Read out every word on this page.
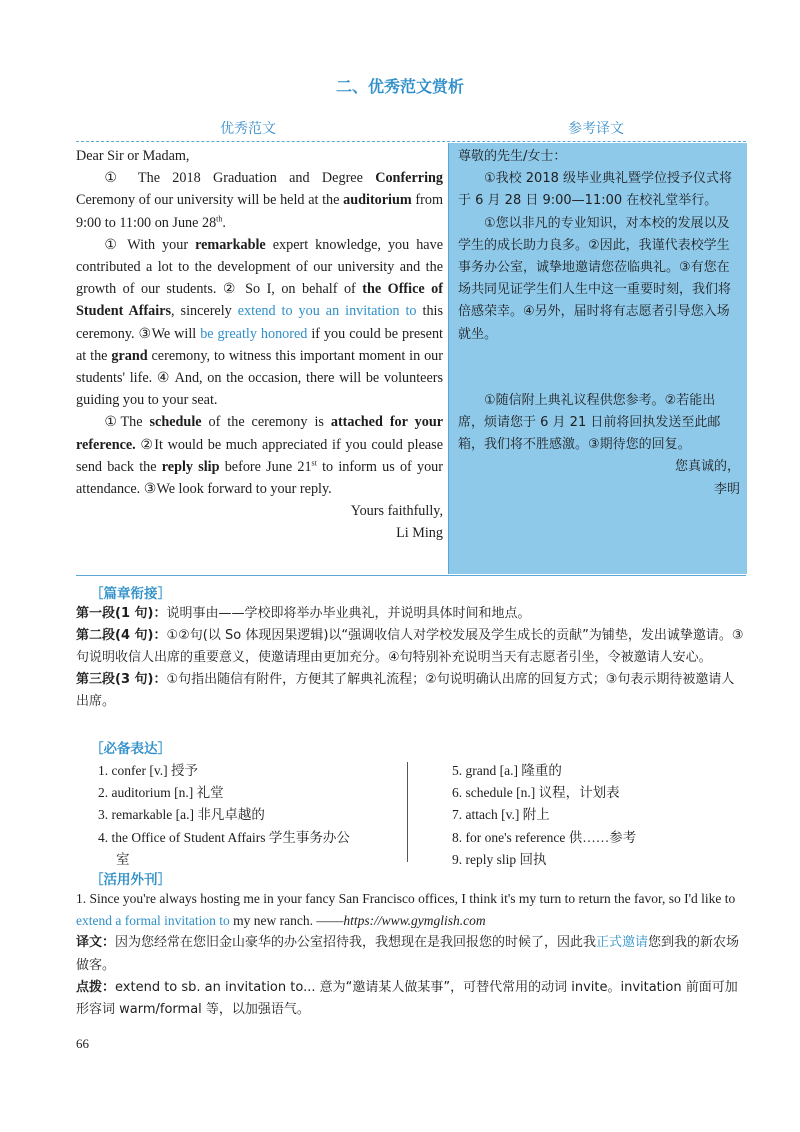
二、优秀范文赏析
优秀范文	参考译文

Dear Sir or Madam,

① The 2018 Graduation and Degree Conferring Ceremony of our university will be held at the auditorium from 9:00 to 11:00 on June 28th.

① With your remarkable expert knowledge, you have contributed a lot to the development of our university and the growth of our students. ② So I, on behalf of the Office of Student Affairs, sincerely extend to you an invitation to this ceremony. ③We will be greatly honored if you could be present at the grand ceremony, to witness this important moment in our students' life. ④ And, on the occasion, there will be volunteers guiding you to your seat.

①The schedule of the ceremony is attached for your reference. ②It would be much appreciated if you could please send back the reply slip before June 21st to inform us of your attendance. ③We look forward to your reply.

Yours faithfully,

Li Ming

尊敬的先生/女士：

①我校 2018 级毕业典礼暨学位授予仪式将于 6 月 28 日 9:00—11:00 在校礼堂举行。

①您以非凡的专业知识，对本校的发展以及学生的成长助力良多。②因此，我谨代表校学生事务办公室，诚挚地邀请您莅临典礼。③有您在场共同见证学生们人生中这一重要时刻，我们将倍感荣幸。④另外，届时将有志愿者引导您入场就坐。

①随信附上典礼议程供您参考。②若能出席，烦请您于 6 月 21 日前将回执发送至此邮箱，我们将不胜感激。③期待您的回复。

您真诚的，

李明

［篇章衔接］

第一段(1 句)：说明事由——学校即将举办毕业典礼，并说明具体时间和地点。

第二段(4 句)：①②句(以 So 体现因果逻辑)以“强调收信人对学校发展及学生成长的贡献”为铺垫，发出诚挚邀请。③句说明收信人出席的重要意义，使邀请理由更加充分。④句特别补充说明当天有志愿者引坐，令被邀请人安心。

第三段(3 句)：①句指出随信有附件，方便其了解典礼流程；②句说明确认出席的回复方式；③句表示期待被邀请人出席。

［必备表达］
1. confer [v.] 授予
2. auditorium [n.] 礼堂
3. remarkable [a.] 非凡卓越的
4. the Office of Student Affairs 学生事务办公
室
5. grand [a.] 隆重的
6. schedule [n.] 议程，计划表
7. attach [v.] 附上
8. for one's reference 供……参考
9. reply slip 回执
［活用外刊］

1. Since you're always hosting me in your fancy San Francisco offices, I think it's my turn to return the favor, so I'd like to extend a formal invitation to my new ranch. ——https://www.gymglish.com

译文：因为您经常在您旧金山豪华的办公室招待我，我想现在是我回报您的时候了，因此我正式邀请您到我的新农场做客。

点拨：extend to sb. an invitation to... 意为“邀请某人做某事”，可替代常用的动词 invite。invitation 前面可加形容词 warm/formal 等，以加强语气。

66
